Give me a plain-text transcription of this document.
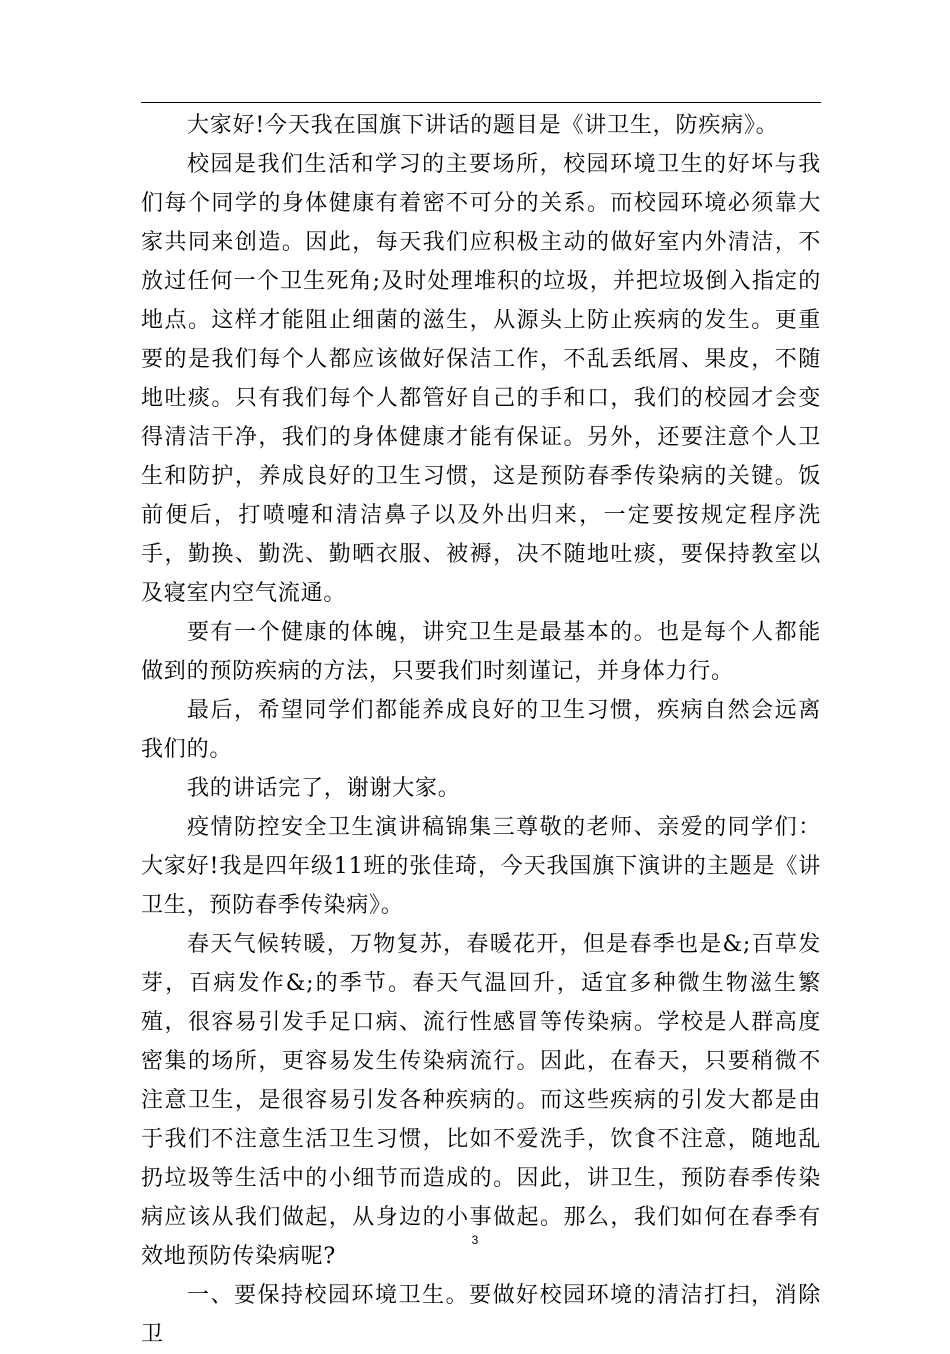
大家好!今天我在国旗下讲话的题目是《讲卫生，防疾病》。

校园是我们生活和学习的主要场所，校园环境卫生的好坏与我们每个同学的身体健康有着密不可分的关系。而校园环境必须靠大家共同来创造。因此，每天我们应积极主动的做好室内外清洁，不放过任何一个卫生死角;及时处理堆积的垃圾，并把垃圾倒入指定的地点。这样才能阻止细菌的滋生，从源头上防止疾病的发生。更重要的是我们每个人都应该做好保洁工作，不乱丢纸屑、果皮，不随地吐痰。只有我们每个人都管好自己的手和口，我们的校园才会变得清洁干净，我们的身体健康才能有保证。另外，还要注意个人卫生和防护，养成良好的卫生习惯，这是预防春季传染病的关键。饭前便后，打喷嚏和清洁鼻子以及外出归来，一定要按规定程序洗手，勤换、勤洗、勤晒衣服、被褥，决不随地吐痰，要保持教室以及寝室内空气流通。

要有一个健康的体魄，讲究卫生是最基本的。也是每个人都能做到的预防疾病的方法，只要我们时刻谨记，并身体力行。

最后，希望同学们都能养成良好的卫生习惯，疾病自然会远离我们的。

我的讲话完了，谢谢大家。

疫情防控安全卫生演讲稿锦集三尊敬的老师、亲爱的同学们：大家好!我是四年级11班的张佳琦，今天我国旗下演讲的主题是《讲卫生，预防春季传染病》。

春天气候转暖，万物复苏，春暖花开，但是春季也是&;百草发芽，百病发作&;的季节。春天气温回升，适宜多种微生物滋生繁殖，很容易引发手足口病、流行性感冒等传染病。学校是人群高度密集的场所，更容易发生传染病流行。因此，在春天，只要稍微不注意卫生，是很容易引发各种疾病的。而这些疾病的引发大都是由于我们不注意生活卫生习惯，比如不爱洗手，饮食不注意，随地乱扔垃圾等生活中的小细节而造成的。因此，讲卫生，预防春季传染病应该从我们做起，从身边的小事做起。那么，我们如何在春季有效地预防传染病呢?

一、要保持校园环境卫生。要做好校园环境的清洁打扫，消除卫

3
